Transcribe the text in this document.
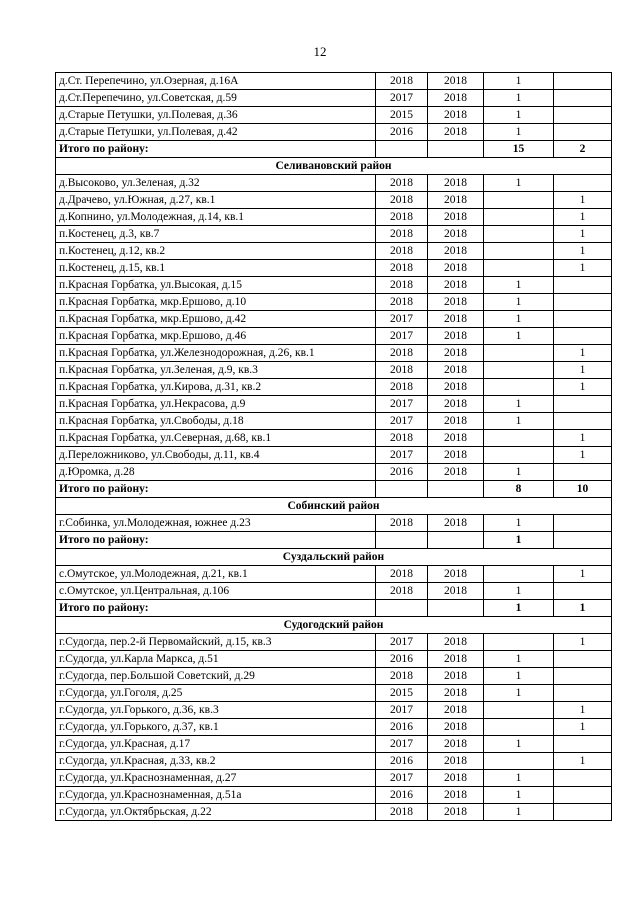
12
д.Ст. Перепечино, ул.Озерная, д.16А	2018	2018	1	
д.Ст.Перепечино, ул.Советская, д.59	2017	2018	1	
д.Старые Петушки, ул.Полевая, д.36	2015	2018	1	
д.Старые Петушки, ул.Полевая, д.42	2016	2018	1	
Итого по району:			15	2
Селивановский район				
д.Высоково, ул.Зеленая, д.32	2018	2018	1	
д.Драчево, ул.Южная, д.27, кв.1	2018	2018		1
д.Копнино, ул.Молодежная, д.14, кв.1	2018	2018		1
п.Костенец, д.3, кв.7	2018	2018		1
п.Костенец, д.12, кв.2	2018	2018		1
п.Костенец, д.15, кв.1	2018	2018		1
п.Красная Горбатка, ул.Высокая, д.15	2018	2018	1	
п.Красная Горбатка, мкр.Ершово, д.10	2018	2018	1	
п.Красная Горбатка, мкр.Ершово, д.42	2017	2018	1	
п.Красная Горбатка, мкр.Ершово, д.46	2017	2018	1	
п.Красная Горбатка, ул.Железнодорожная, д.26, кв.1	2018	2018		1
п.Красная Горбатка, ул.Зеленая, д.9, кв.3	2018	2018		1
п.Красная Горбатка, ул.Кирова, д.31, кв.2	2018	2018		1
п.Красная Горбатка, ул.Некрасова, д.9	2017	2018	1	
п.Красная Горбатка, ул.Свободы, д.18	2017	2018	1	
п.Красная Горбатка, ул.Северная, д.68, кв.1	2018	2018		1
д.Переложниково, ул.Свободы, д.11, кв.4	2017	2018		1
д.Юромка, д.28	2016	2018	1	
Итого по району:			8	10
Собинский район				
г.Собинка, ул.Молодежная, южнее д.23	2018	2018	1	
Итого по району:			1	
Суздальский район				
с.Омутское, ул.Молодежная, д.21, кв.1	2018	2018		1
с.Омутское, ул.Центральная, д.106	2018	2018	1	
Итого по району:			1	1
Судогодский район				
г.Судогда, пер.2-й Первомайский, д.15, кв.3	2017	2018		1
г.Судогда, ул.Карла Маркса, д.51	2016	2018	1	
г.Судогда, пер.Большой Советский, д.29	2018	2018	1	
г.Судогда, ул.Гоголя, д.25	2015	2018	1	
г.Судогда, ул.Горького, д.36, кв.3	2017	2018		1
г.Судогда, ул.Горького, д.37, кв.1	2016	2018		1
г.Судогда, ул.Красная, д.17	2017	2018	1	
г.Судогда, ул.Красная, д.33, кв.2	2016	2018		1
г.Судогда, ул.Краснознаменная, д.27	2017	2018	1	
г.Судогда, ул.Краснознаменная, д.51а	2016	2018	1	
г.Судогда, ул.Октябрьская, д.22	2018	2018	1	
